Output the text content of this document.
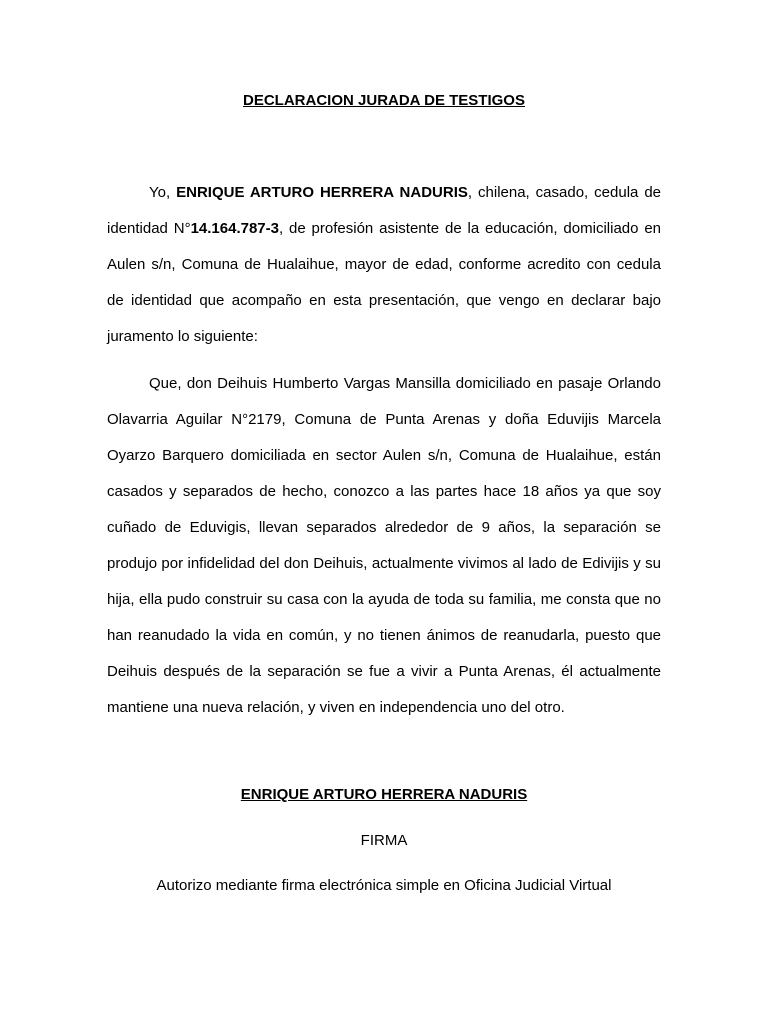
DECLARACION JURADA DE TESTIGOS
Yo, ENRIQUE ARTURO HERRERA NADURIS, chilena, casado, cedula de identidad N°14.164.787-3, de profesión asistente de la educación, domiciliado en Aulen s/n, Comuna de Hualaihue, mayor de edad, conforme acredito con cedula de identidad que acompaño en esta presentación, que vengo en declarar bajo juramento lo siguiente:
Que, don Deihuis Humberto Vargas Mansilla domiciliado en pasaje Orlando Olavarria Aguilar N°2179, Comuna de Punta Arenas y doña Eduvijis Marcela Oyarzo Barquero domiciliada en sector Aulen s/n, Comuna de Hualaihue, están casados y separados de hecho, conozco a las partes hace 18 años ya que soy cuñado de Eduvigis, llevan separados alrededor de 9 años, la separación se produjo por infidelidad del don Deihuis, actualmente vivimos al lado de Edivijis y su hija, ella pudo construir su casa con la ayuda de toda su familia, me consta que no han reanudado la vida en común, y no tienen ánimos de reanudarla, puesto que Deihuis después de la separación se fue a vivir a Punta Arenas, él actualmente mantiene una nueva relación, y viven en independencia uno del otro.
ENRIQUE ARTURO HERRERA NADURIS
FIRMA
Autorizo mediante firma electrónica simple en Oficina Judicial Virtual
